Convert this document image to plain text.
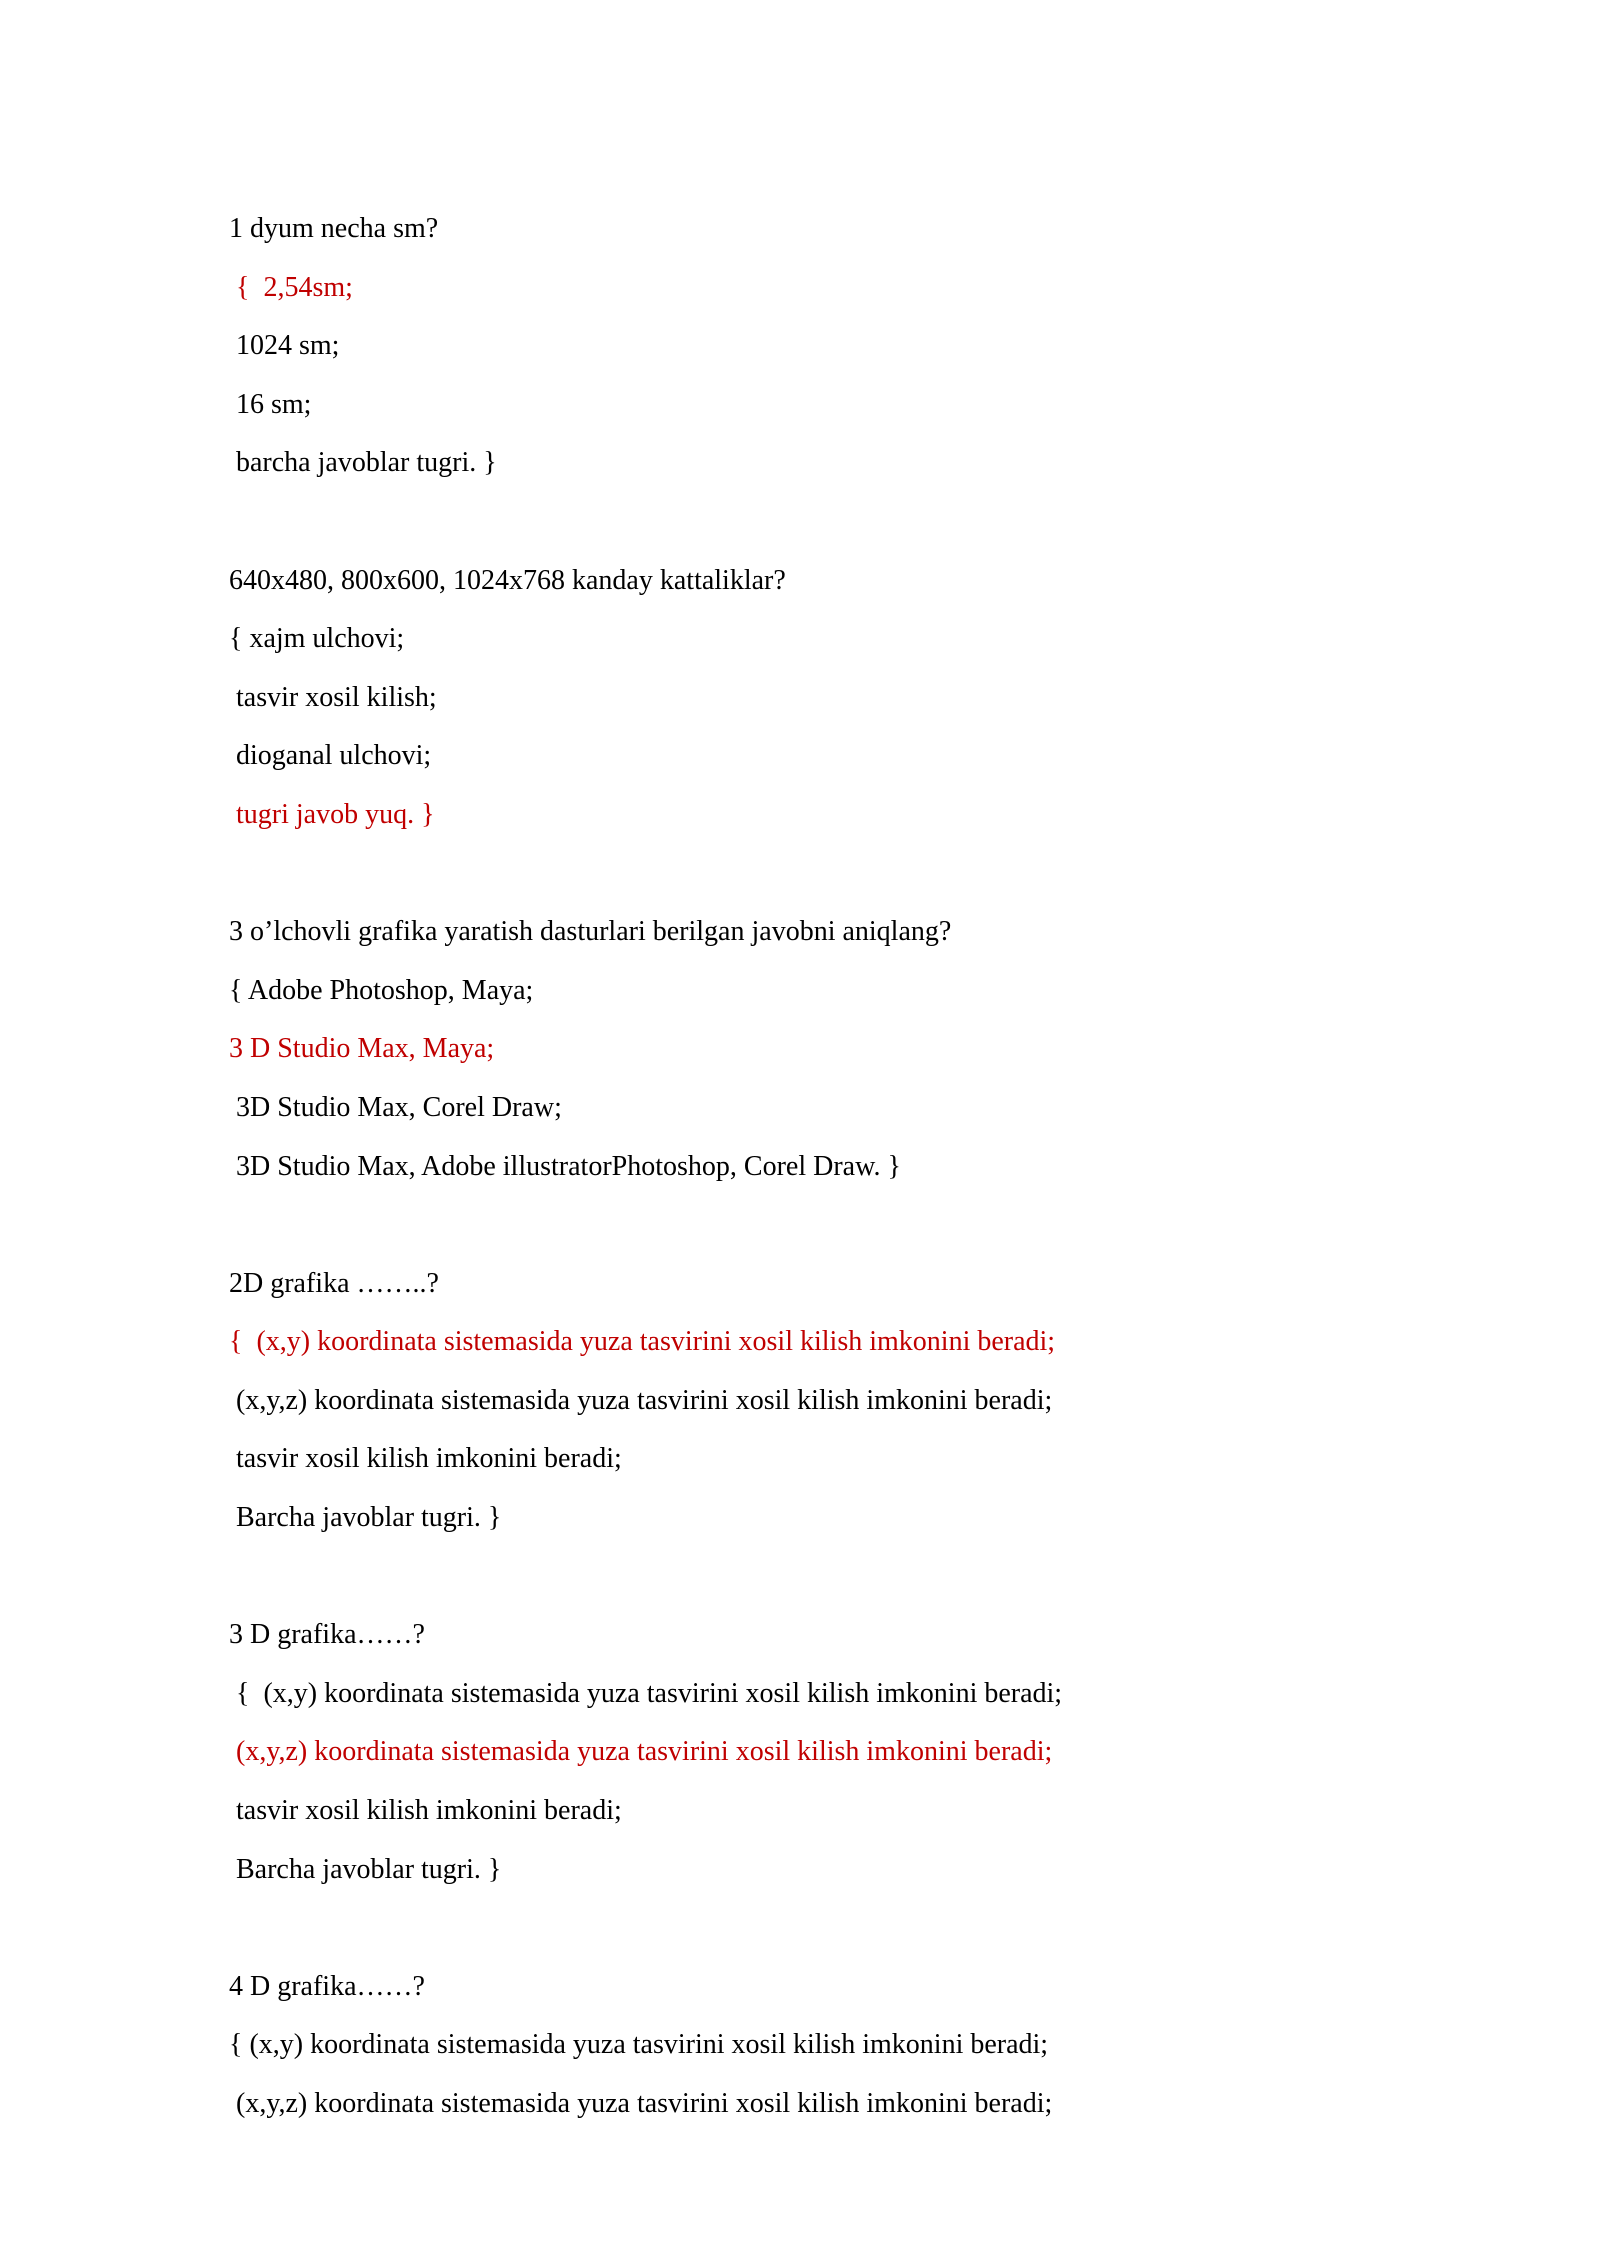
1 dyum necha sm?
{  2,54sm;
1024 sm;
16 sm;
barcha javoblar tugri. }
640x480, 800x600, 1024x768 kanday kattaliklar?
{ xajm ulchovi;
tasvir xosil kilish;
dioganal ulchovi;
tugri javob yuq. }
3 o’lchovli grafika yaratish dasturlari berilgan javobni aniqlang?
{ Adobe Photoshop, Maya;
3 D Studio Max, Maya;
3D Studio Max, Corel Draw;
3D Studio Max, Adobe illustratorPhotoshop, Corel Draw. }
2D grafika ……..?
{  (x,y) koordinata sistemasida yuza tasvirini xosil kilish imkonini beradi;
(x,y,z) koordinata sistemasida yuza tasvirini xosil kilish imkonini beradi;
tasvir xosil kilish imkonini beradi;
Barcha javoblar tugri. }
3 D grafika……?
{  (x,y) koordinata sistemasida yuza tasvirini xosil kilish imkonini beradi;
(x,y,z) koordinata sistemasida yuza tasvirini xosil kilish imkonini beradi;
tasvir xosil kilish imkonini beradi;
Barcha javoblar tugri. }
4 D grafika……?
{ (x,y) koordinata sistemasida yuza tasvirini xosil kilish imkonini beradi;
(x,y,z) koordinata sistemasida yuza tasvirini xosil kilish imkonini beradi;
